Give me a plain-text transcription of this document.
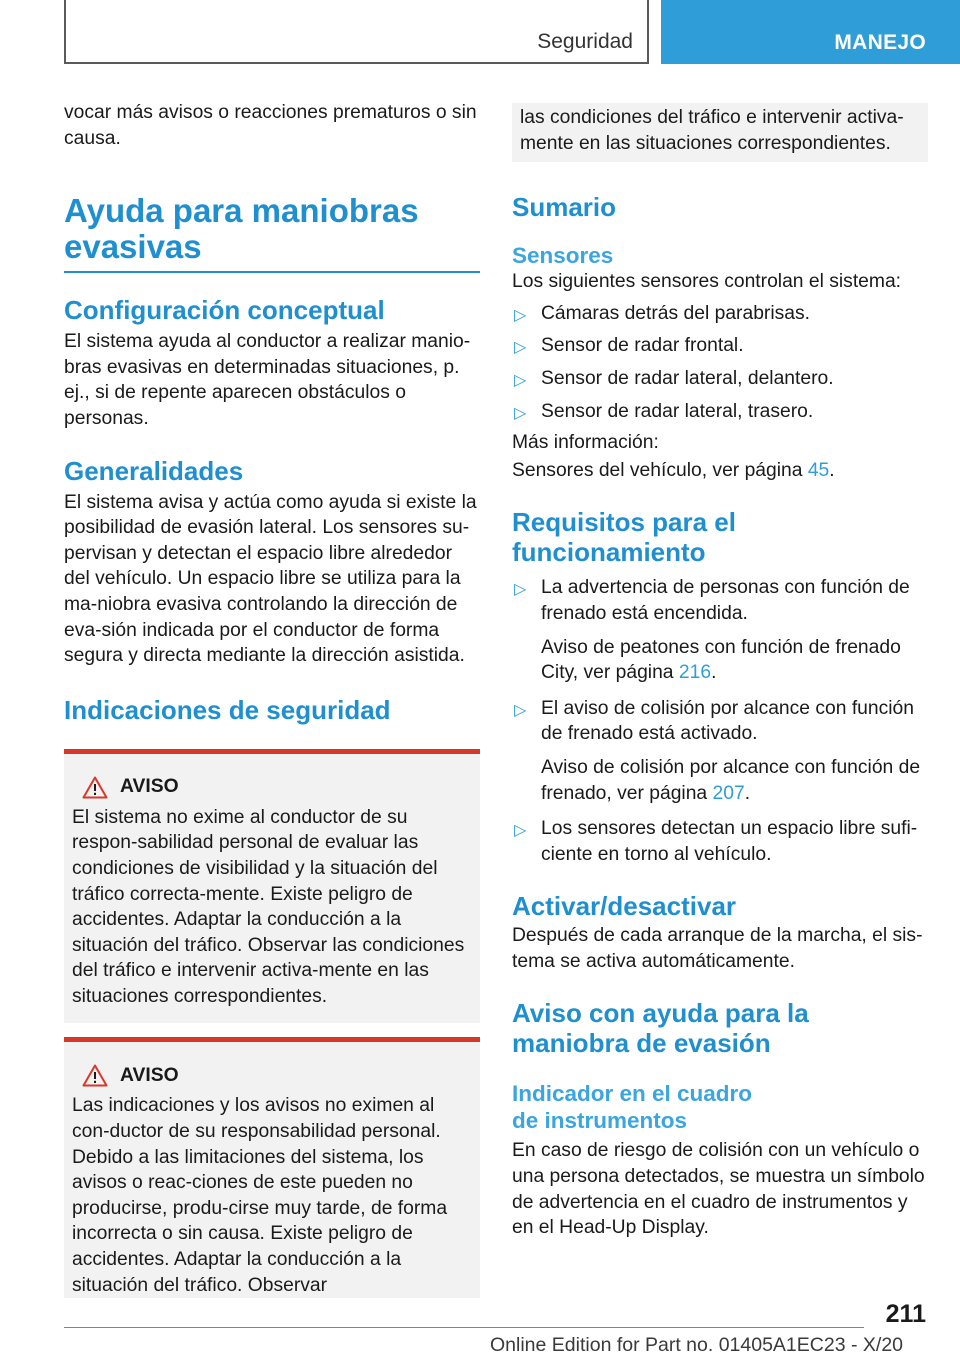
Seguridad	MANEJO

vocar más avisos o reacciones prematuros o sin causa.

Ayuda para maniobras
evasivas
Configuración conceptual

El sistema ayuda al conductor a realizar manio-bras evasivas en determinadas situaciones, p. ej., si de repente aparecen obstáculos o personas.

Generalidades

El sistema avisa y actúa como ayuda si existe la posibilidad de evasión lateral. Los sensores su-pervisan y detectan el espacio libre alrededor del vehículo. Un espacio libre se utiliza para la ma-niobra evasiva controlando la dirección de eva-sión indicada por el conductor de forma segura y directa mediante la dirección asistida.

Indicaciones de seguridad
AVISO

El sistema no exime al conductor de su respon-sabilidad personal de evaluar las condiciones de visibilidad y la situación del tráfico correcta-mente. Existe peligro de accidentes. Adaptar la conducción a la situación del tráfico. Observar las condiciones del tráfico e intervenir activa-mente en las situaciones correspondientes.

AVISO

Las indicaciones y los avisos no eximen al con-ductor de su responsabilidad personal. Debido a las limitaciones del sistema, los avisos o reac-ciones de este pueden no producirse, produ-cirse muy tarde, de forma incorrecta o sin causa. Existe peligro de accidentes. Adaptar la conducción a la situación del tráfico. Observar

las condiciones del tráfico e intervenir activa-mente en las situaciones correspondientes.

Sumario
Sensores

Los siguientes sensores controlan el sistema:

▷ Cámaras detrás del parabrisas.
▷ Sensor de radar frontal.
▷ Sensor de radar lateral, delantero.
▷ Sensor de radar lateral, trasero.

Más información:

Sensores del vehículo, ver página 45.

Requisitos para el
funcionamiento
▷ La advertencia de personas con función de frenado está encendida.
Aviso de peatones con función de frenado City, ver página 216.
▷ El aviso de colisión por alcance con función de frenado está activado.
Aviso de colisión por alcance con función de frenado, ver página 207.
▷ Los sensores detectan un espacio libre sufi-ciente en torno al vehículo.
Activar/desactivar

Después de cada arranque de la marcha, el sis-tema se activa automáticamente.

Aviso con ayuda para la
maniobra de evasión
Indicador en el cuadro
de instrumentos

En caso de riesgo de colisión con un vehículo o una persona detectados, se muestra un símbolo de advertencia en el cuadro de instrumentos y en el Head-Up Display.

211
Online Edition for Part no. 01405A1EC23 - X/20
